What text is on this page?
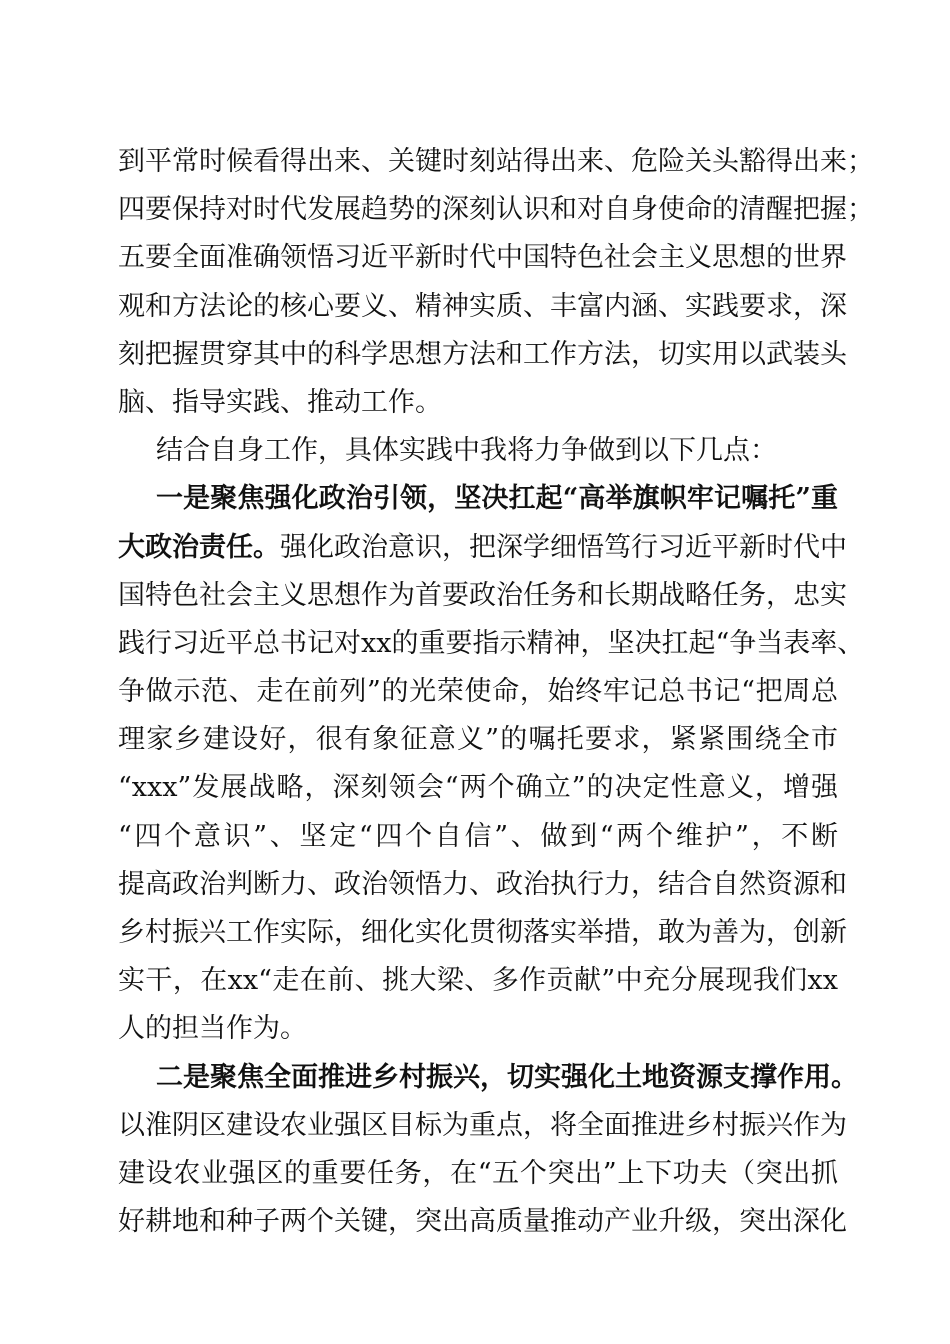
到平常时候看得出来、关键时刻站得出来、危险关头豁得出来；
四要保持对时代发展趋势的深刻认识和对自身使命的清醒把握；
五要全面准确领悟习近平新时代中国特色社会主义思想的世界
观和方法论的核心要义、精神实质、丰富内涵、实践要求，深
刻把握贯穿其中的科学思想方法和工作方法，切实用以武装头
脑、指导实践、推动工作。
结合自身工作，具体实践中我将力争做到以下几点：
一是聚焦强化政治引领，坚决扛起“高举旗帜牢记嘱托”重
大政治责任。强化政治意识，把深学细悟笃行习近平新时代中
国特色社会主义思想作为首要政治任务和长期战略任务，忠实
践行习近平总书记对xx的重要指示精神，坚决扛起“争当表率、
争做示范、走在前列”的光荣使命，始终牢记总书记“把周总
理家乡建设好，很有象征意义”的嘱托要求，紧紧围绕全市
“xxx”发展战略，深刻领会“两个确立”的决定性意义，增强
“四个意识”、坚定“四个自信”、做到“两个维护”，不断
提高政治判断力、政治领悟力、政治执行力，结合自然资源和
乡村振兴工作实际，细化实化贯彻落实举措，敢为善为，创新
实干，在xx“走在前、挑大梁、多作贡献”中充分展现我们xx
人的担当作为。
二是聚焦全面推进乡村振兴，切实强化土地资源支撑作用。
以淮阴区建设农业强区目标为重点，将全面推进乡村振兴作为
建设农业强区的重要任务，在“五个突出”上下功夫（突出抓
好耕地和种子两个关键，突出高质量推动产业升级，突出深化
